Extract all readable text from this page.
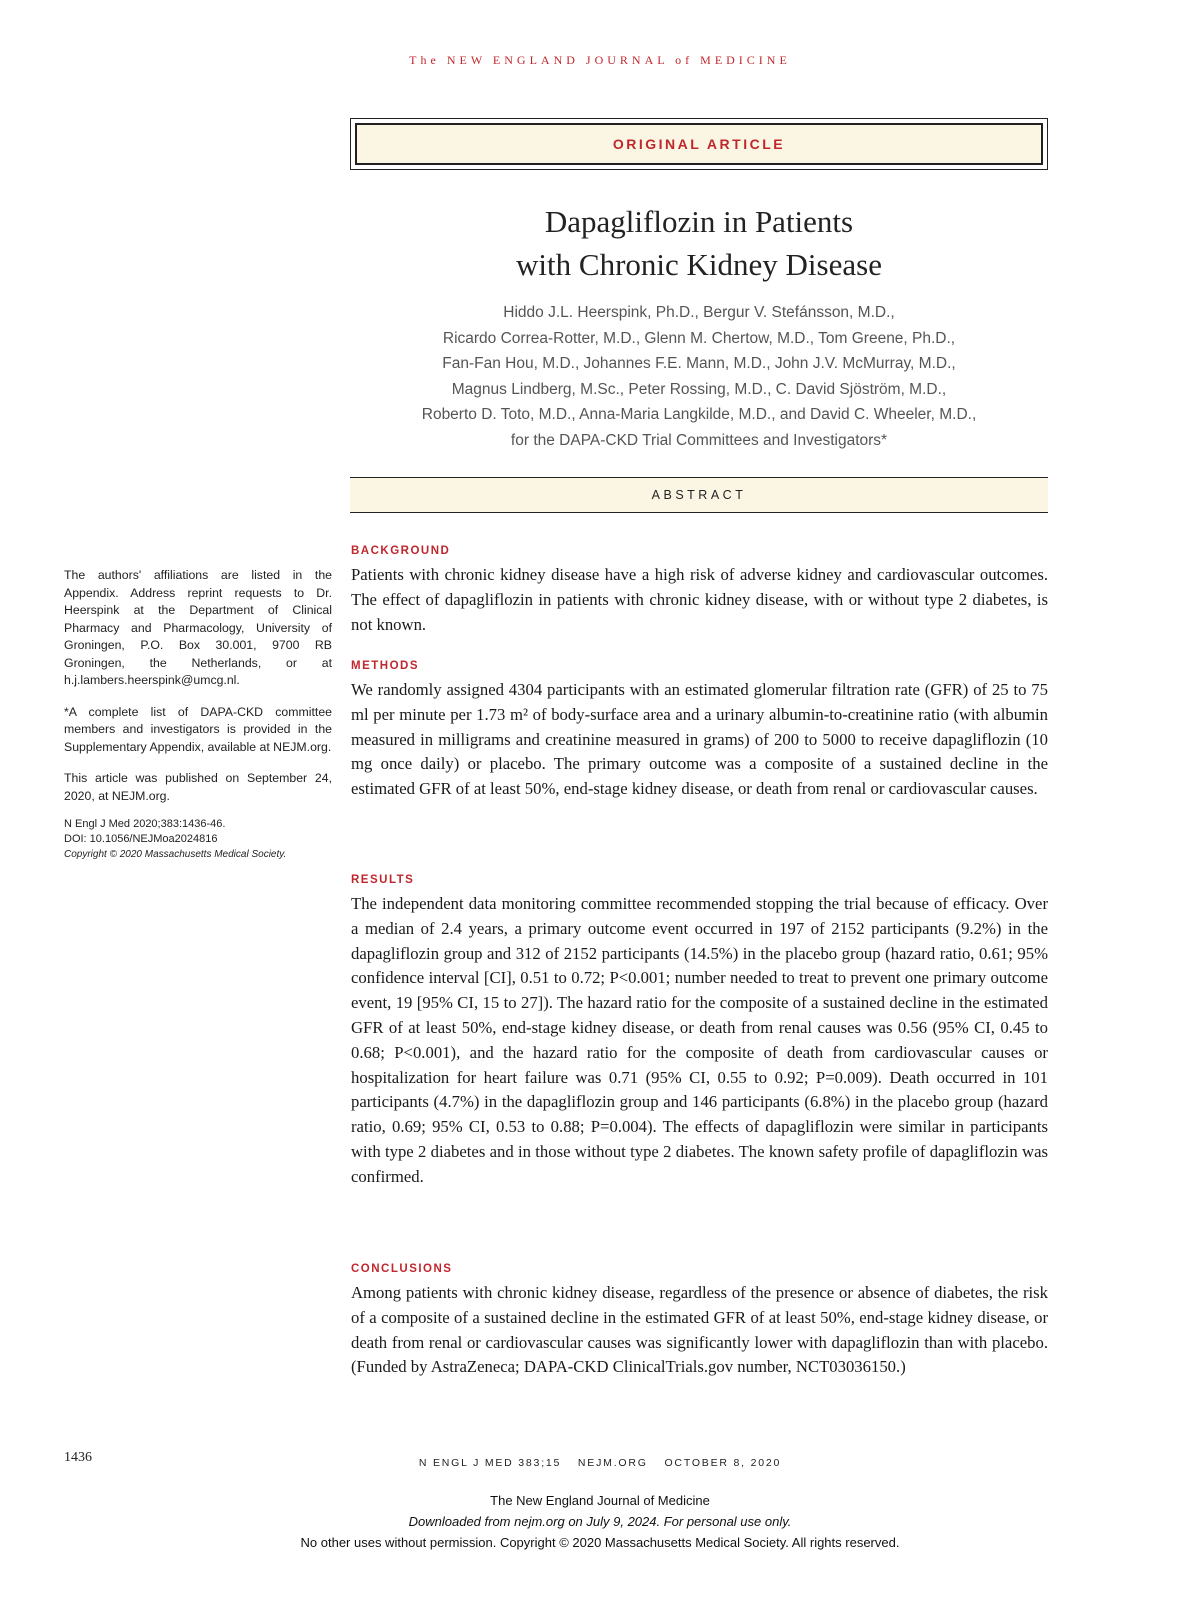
The NEW ENGLAND JOURNAL of MEDICINE
ORIGINAL ARTICLE
Dapagliflozin in Patients
with Chronic Kidney Disease
Hiddo J.L. Heerspink, Ph.D., Bergur V. Stefánsson, M.D.,
Ricardo Correa-Rotter, M.D., Glenn M. Chertow, M.D., Tom Greene, Ph.D.,
Fan-Fan Hou, M.D., Johannes F.E. Mann, M.D., John J.V. McMurray, M.D.,
Magnus Lindberg, M.Sc., Peter Rossing, M.D., C. David Sjöström, M.D.,
Roberto D. Toto, M.D., Anna-Maria Langkilde, M.D., and David C. Wheeler, M.D.,
for the DAPA-CKD Trial Committees and Investigators*
ABSTRACT
BACKGROUND

Patients with chronic kidney disease have a high risk of adverse kidney and cardiovascular outcomes. The effect of dapagliflozin in patients with chronic kidney disease, with or without type 2 diabetes, is not known.

METHODS

We randomly assigned 4304 participants with an estimated glomerular filtration rate (GFR) of 25 to 75 ml per minute per 1.73 m² of body-surface area and a urinary albumin-to-creatinine ratio (with albumin measured in milligrams and creatinine measured in grams) of 200 to 5000 to receive dapagliflozin (10 mg once daily) or placebo. The primary outcome was a composite of a sustained decline in the estimated GFR of at least 50%, end-stage kidney disease, or death from renal or cardiovascular causes.

RESULTS

The independent data monitoring committee recommended stopping the trial because of efficacy. Over a median of 2.4 years, a primary outcome event occurred in 197 of 2152 participants (9.2%) in the dapagliflozin group and 312 of 2152 participants (14.5%) in the placebo group (hazard ratio, 0.61; 95% confidence interval [CI], 0.51 to 0.72; P<0.001; number needed to treat to prevent one primary outcome event, 19 [95% CI, 15 to 27]). The hazard ratio for the composite of a sustained decline in the estimated GFR of at least 50%, end-stage kidney disease, or death from renal causes was 0.56 (95% CI, 0.45 to 0.68; P<0.001), and the hazard ratio for the composite of death from cardiovascular causes or hospitalization for heart failure was 0.71 (95% CI, 0.55 to 0.92; P=0.009). Death occurred in 101 participants (4.7%) in the dapagliflozin group and 146 participants (6.8%) in the placebo group (hazard ratio, 0.69; 95% CI, 0.53 to 0.88; P=0.004). The effects of dapagliflozin were similar in participants with type 2 diabetes and in those without type 2 diabetes. The known safety profile of dapagliflozin was confirmed.

CONCLUSIONS

Among patients with chronic kidney disease, regardless of the presence or absence of diabetes, the risk of a composite of a sustained decline in the estimated GFR of at least 50%, end-stage kidney disease, or death from renal or cardiovascular causes was significantly lower with dapagliflozin than with placebo. (Funded by AstraZeneca; DAPA-CKD ClinicalTrials.gov number, NCT03036150.)

The authors' affiliations are listed in the Appendix. Address reprint requests to Dr. Heerspink at the Department of Clinical Pharmacy and Pharmacology, University of Groningen, P.O. Box 30.001, 9700 RB Groningen, the Netherlands, or at h.j.lambers.heerspink@umcg.nl.

*A complete list of DAPA-CKD committee members and investigators is provided in the Supplementary Appendix, available at NEJM.org.

This article was published on September 24, 2020, at NEJM.org.

N Engl J Med 2020;383:1436-46.

DOI: 10.1056/NEJMoa2024816

Copyright © 2020 Massachusetts Medical Society.

1436	N ENGL J MED 383;15 NEJM.ORG OCTOBER 8, 2020
The New England Journal of Medicine
Downloaded from nejm.org on July 9, 2024. For personal use only.
No other uses without permission. Copyright © 2020 Massachusetts Medical Society. All rights reserved.
